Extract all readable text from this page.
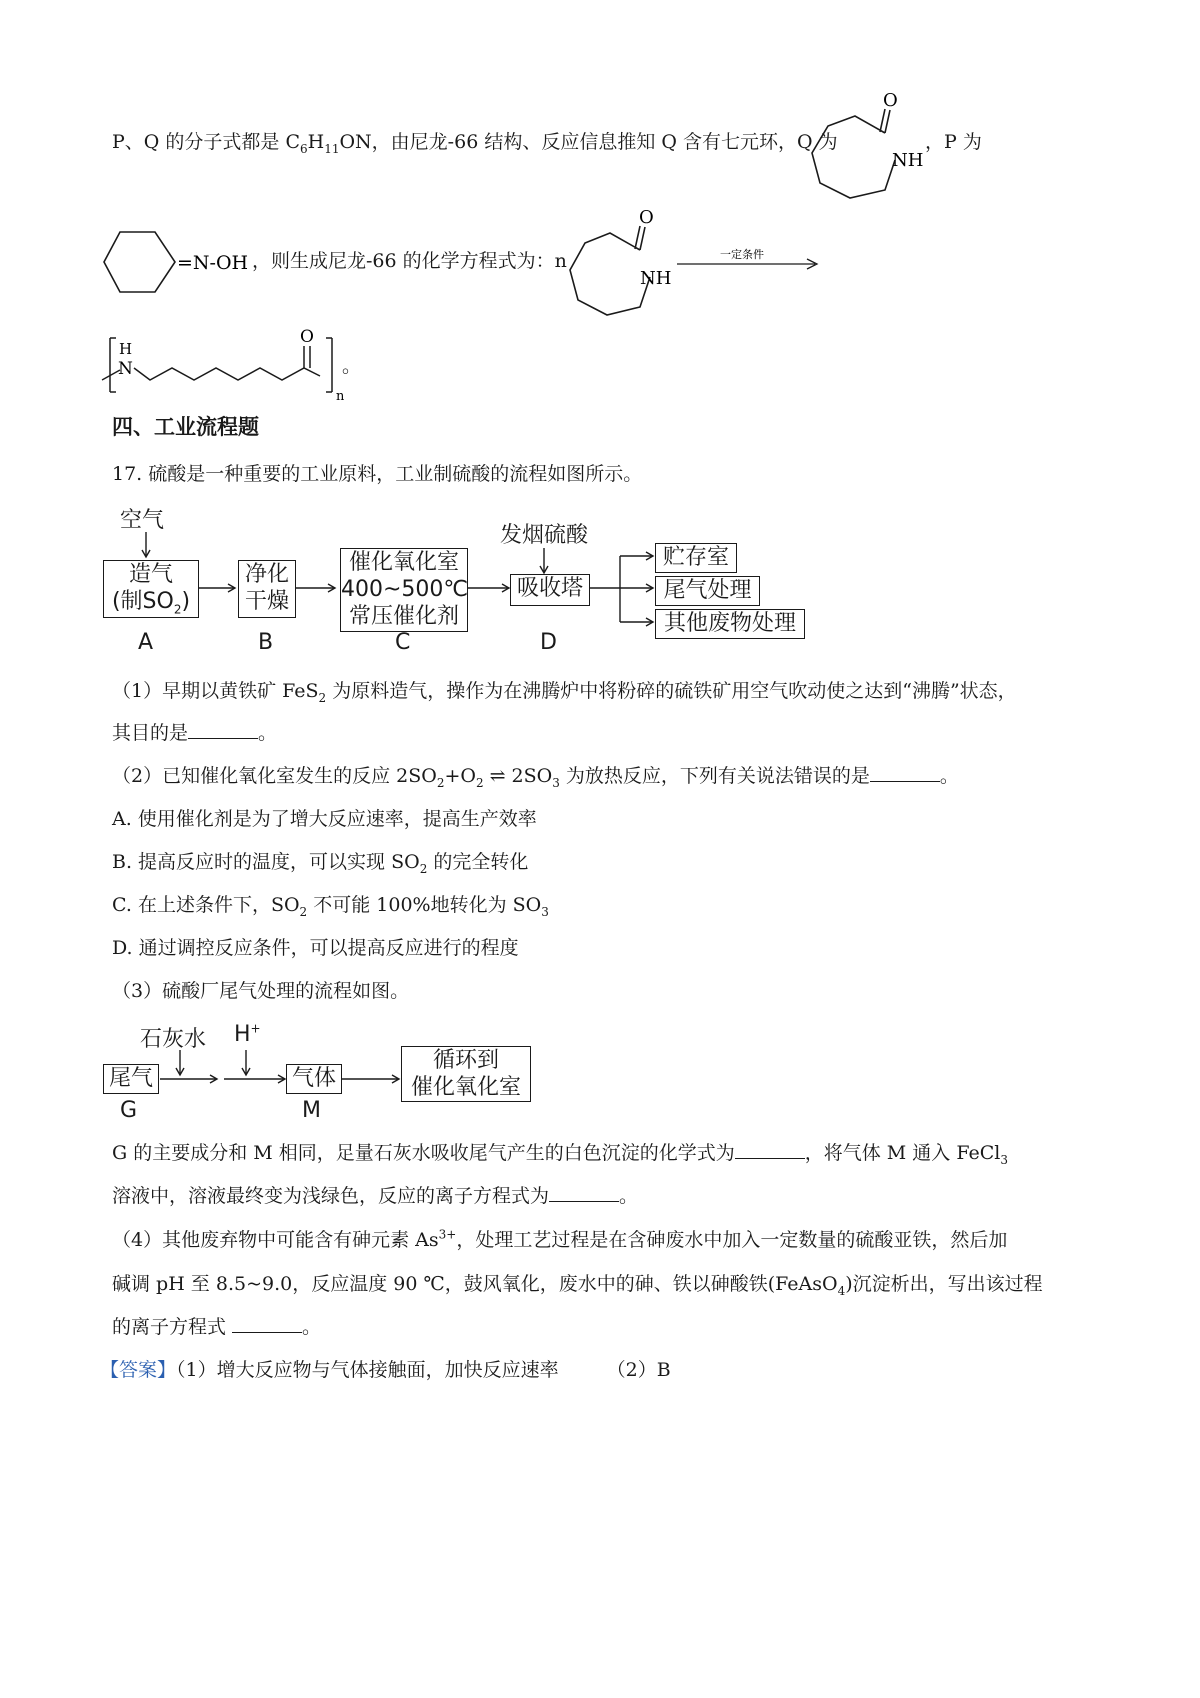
P、Q 的分子式都是 $C_6H_{11}ON$，由尼龙-66 结构、反应信息推知 Q 含有七元环，Q 为	，P 为
O
NH
=N-OH ，则生成尼龙-66 的化学方程式为：n
O
NH
一定条件
H
N
O
n
。
四、工业流程题
17. 硫酸是一种重要的工业原料，工业制硫酸的流程如图所示。
空气
造气
(制$SO_2$)
净化
干燥
催化氧化室
400~500℃
常压催化剂
发烟硫酸
吸收塔
贮存室
尾气处理
其他废物处理
A	B	C	D
（1）早期以黄铁矿 FeS$_2$ 为原料造气，操作为在沸腾炉中将粉碎的硫铁矿用空气吹动使之达到“沸腾”状态，
其目的是	。
（2）已知催化氧化室发生的反应 $2SO_2+O_2$ ⇌ $2SO_3$ 为放热反应，下列有关说法错误的是	。
A. 使用催化剂是为了增大反应速率，提高生产效率
B. 提高反应时的温度，可以实现 $SO_2$ 的完全转化
C. 在上述条件下，$SO_2$ 不可能 100%地转化为 $SO_3$
D. 通过调控反应条件，可以提高反应进行的程度
（3）硫酸厂尾气处理的流程如图。
石灰水 H+
尾气	气体
循环到
催化氧化室
G	M
G 的主要成分和 M 相同，足量石灰水吸收尾气产生的白色沉淀的化学式为	，将气体 M 通入 FeCl$_3$
溶液中，溶液最终变为浅绿色，反应的离子方程式为	。
（4）其他废弃物中可能含有砷元素 $As^{3+}$，处理工艺过程是在含砷废水中加入一定数量的硫酸亚铁，然后加
碱调 pH 至 8.5~9.0，反应温度 90 ℃，鼓风氧化，废水中的砷、铁以砷酸铁(FeAsO$_4$)沉淀析出，写出该过程
的离子方程式	。
【答案】（1）增大反应物与气体接触面，加快反应速率	（2）B
